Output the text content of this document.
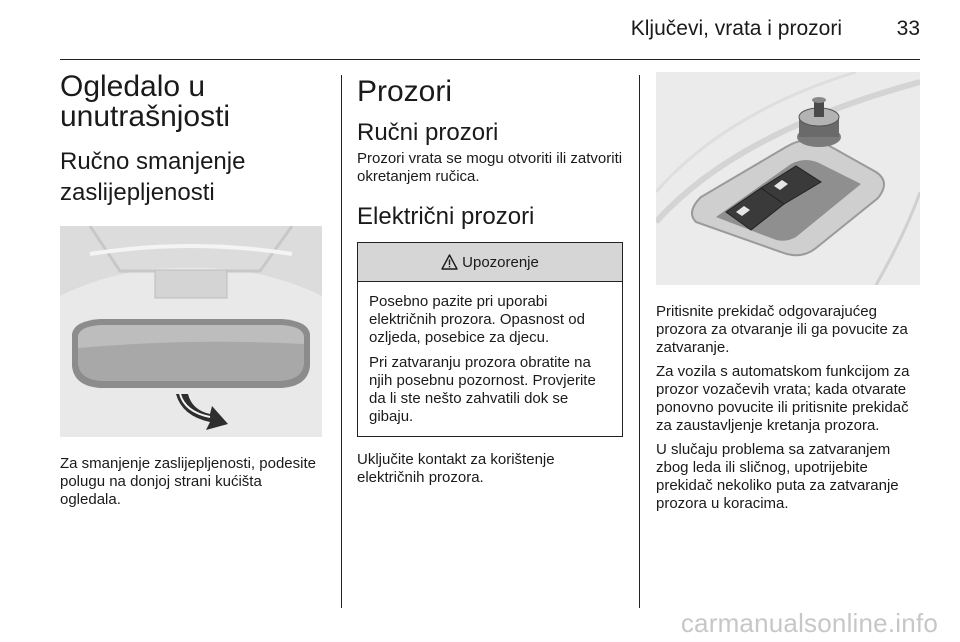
Ključevi, vrata i prozori	33
Ogledalo u unutrašnjosti
Ručno smanjenje zaslijepljenosti

Za smanjenje zaslijepljenosti, podesite polugu na donjoj strani kućišta ogledala.

Prozori
Ručni prozori

Prozori vrata se mogu otvoriti ili zatvoriti okretanjem ručica.

Električni prozori
Upozorenje

Posebno pazite pri uporabi električnih prozora. Opasnost od ozljeda, posebice za djecu.

Pri zatvaranju prozora obratite na njih posebnu pozornost. Provjerite da li ste nešto zahvatili dok se gibaju.

Uključite kontakt za korištenje električnih prozora.

Pritisnite prekidač odgovarajućeg prozora za otvaranje ili ga povucite za zatvaranje.

Za vozila s automatskom funkcijom za prozor vozačevih vrata; kada otvarate ponovno povucite ili pritisnite prekidač za zaustavljenje kretanja prozora.

U slučaju problema sa zatvaranjem zbog leda ili sličnog, upotrijebite prekidač nekoliko puta za zatvaranje prozora u koracima.

carmanualsonline.info
